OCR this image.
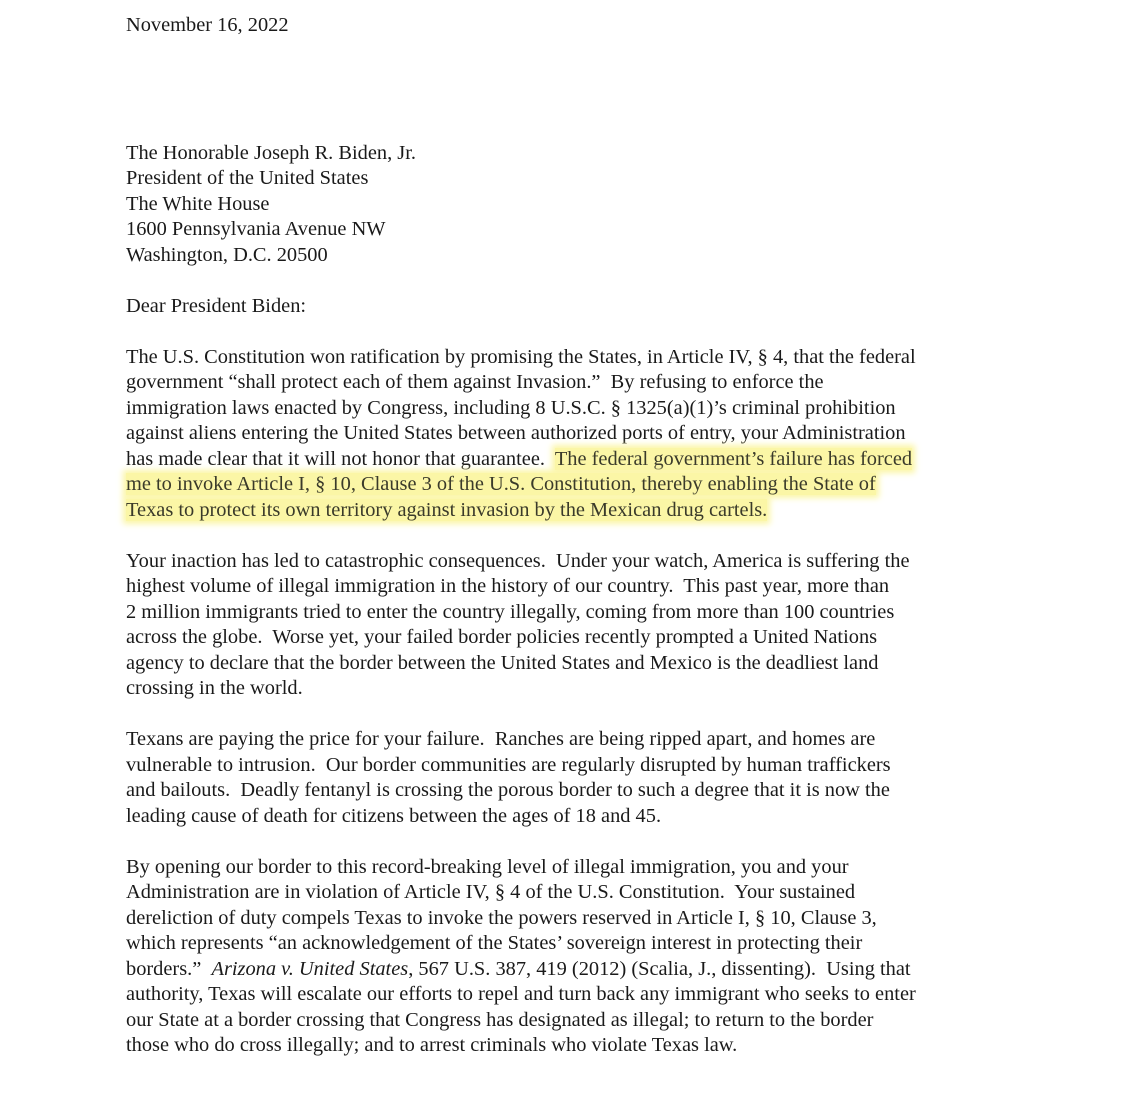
November 16, 2022
The Honorable Joseph R. Biden, Jr.
President of the United States
The White House
1600 Pennsylvania Avenue NW
Washington, D.C. 20500
Dear President Biden:
The U.S. Constitution won ratification by promising the States, in Article IV, § 4, that the federal
government “shall protect each of them against Invasion.”  By refusing to enforce the
immigration laws enacted by Congress, including 8 U.S.C. § 1325(a)(1)’s criminal prohibition
against aliens entering the United States between authorized ports of entry, your Administration
has made clear that it will not honor that guarantee.  The federal government’s failure has forced
me to invoke Article I, § 10, Clause 3 of the U.S. Constitution, thereby enabling the State of
Texas to protect its own territory against invasion by the Mexican drug cartels.
Your inaction has led to catastrophic consequences.  Under your watch, America is suffering the
highest volume of illegal immigration in the history of our country.  This past year, more than
2 million immigrants tried to enter the country illegally, coming from more than 100 countries
across the globe.  Worse yet, your failed border policies recently prompted a United Nations
agency to declare that the border between the United States and Mexico is the deadliest land
crossing in the world.
Texans are paying the price for your failure.  Ranches are being ripped apart, and homes are
vulnerable to intrusion.  Our border communities are regularly disrupted by human traffickers
and bailouts.  Deadly fentanyl is crossing the porous border to such a degree that it is now the
leading cause of death for citizens between the ages of 18 and 45.
By opening our border to this record-breaking level of illegal immigration, you and your
Administration are in violation of Article IV, § 4 of the U.S. Constitution.  Your sustained
dereliction of duty compels Texas to invoke the powers reserved in Article I, § 10, Clause 3,
which represents “an acknowledgement of the States’ sovereign interest in protecting their
borders.”  Arizona v. United States, 567 U.S. 387, 419 (2012) (Scalia, J., dissenting).  Using that
authority, Texas will escalate our efforts to repel and turn back any immigrant who seeks to enter
our State at a border crossing that Congress has designated as illegal; to return to the border
those who do cross illegally; and to arrest criminals who violate Texas law.
